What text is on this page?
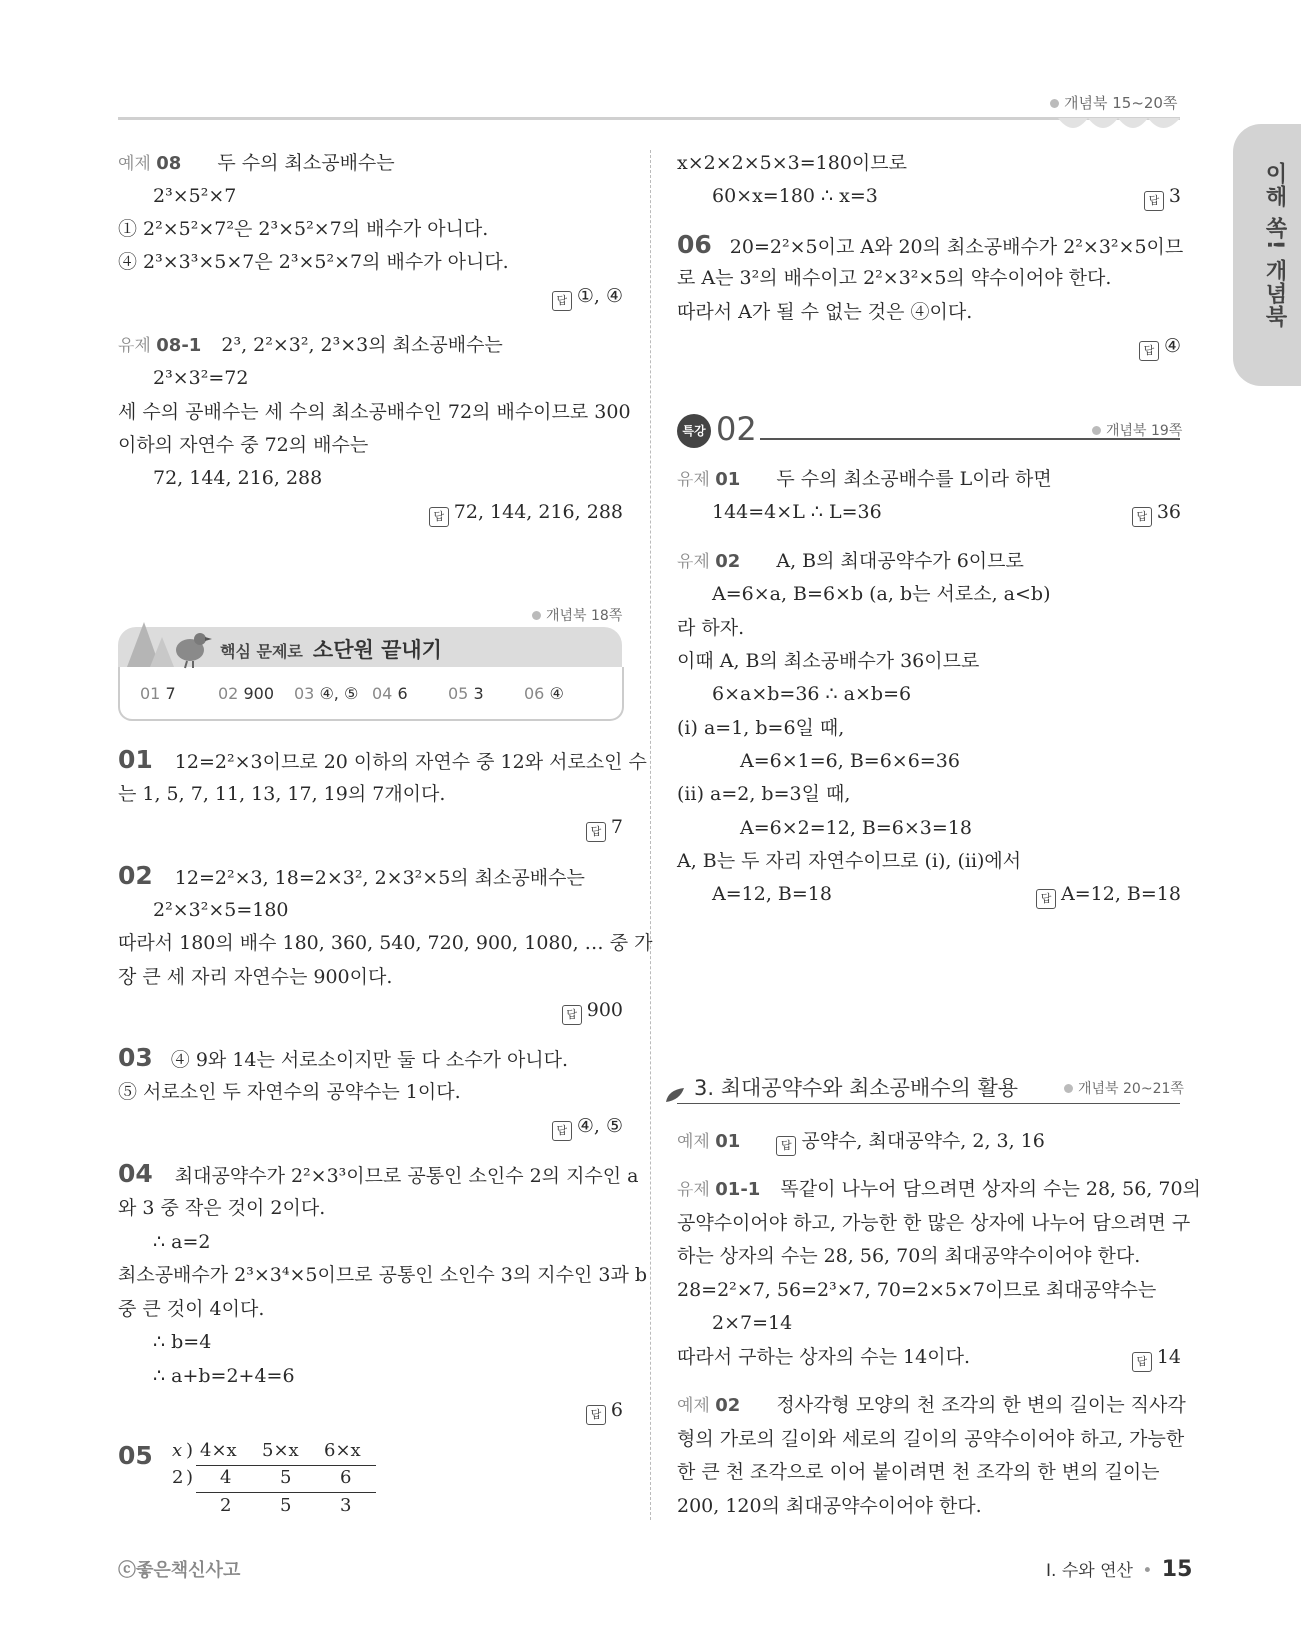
개념북 15~20쪽
이해 쏙! 개념북
예제 08 두 수의 최소공배수는
2³×5²×7
① 2²×5²×7²은 2³×5²×7의 배수가 아니다.
④ 2³×3³×5×7은 2³×5²×7의 배수가 아니다.
답 ①, ④
유제 08-1 2³, 2²×3², 2³×3의 최소공배수는
2³×3²=72
세 수의 공배수는 세 수의 최소공배수인 72의 배수이므로 300
이하의 자연수 중 72의 배수는
72, 144, 216, 288
답 72, 144, 216, 288
개념북 18쪽
핵심 문제로 소단원 끝내기
01 7	02 900 03 ④, ⑤ 04 6	05 3	06 ④
01 12=2²×3이므로 20 이하의 자연수 중 12와 서로소인 수
는 1, 5, 7, 11, 13, 17, 19의 7개이다.
답 7
02 12=2²×3, 18=2×3², 2×3²×5의 최소공배수는
2²×3²×5=180
따라서 180의 배수 180, 360, 540, 720, 900, 1080, … 중 가
장 큰 세 자리 자연수는 900이다.
답 900
03 ④ 9와 14는 서로소이지만 둘 다 소수가 아니다.
⑤ 서로소인 두 자연수의 공약수는 1이다.
답 ④, ⑤
04 최대공약수가 2²×3³이므로 공통인 소인수 2의 지수인 a
와 3 중 작은 것이 2이다.
∴ a=2
최소공배수가 2³×3⁴×5이므로 공통인 소인수 3의 지수인 3과 b
중 큰 것이 4이다.
∴ b=4
∴ a+b=2+4=6
답 6
05 x ) 4×x 5×x 6×x
2 ) 4	5	6
2	5	3
x×2×2×5×3=180이므로
60×x=180 ∴ x=3	답 3
06 20=2²×5이고 A와 20의 최소공배수가 2²×3²×5이므
로 A는 3²의 배수이고 2²×3²×5의 약수이어야 한다.
따라서 A가 될 수 없는 것은 ④이다.
답 ④
특강 02	개념북 19쪽
유제 01 두 수의 최소공배수를 L이라 하면
144=4×L ∴ L=36	답 36
유제 02 A, B의 최대공약수가 6이므로
A=6×a, B=6×b (a, b는 서로소, a<b)
라 하자.
이때 A, B의 최소공배수가 36이므로
6×a×b=36 ∴ a×b=6
(ⅰ) a=1, b=6일 때,
A=6×1=6, B=6×6=36
(ⅱ) a=2, b=3일 때,
A=6×2=12, B=6×3=18
A, B는 두 자리 자연수이므로 (ⅰ), (ⅱ)에서
A=12, B=18	답 A=12, B=18
3. 최대공약수와 최소공배수의 활용	개념북 20~21쪽
예제 01	답 공약수, 최대공약수, 2, 3, 16
유제 01-1 똑같이 나누어 담으려면 상자의 수는 28, 56, 70의
공약수이어야 하고, 가능한 한 많은 상자에 나누어 담으려면 구
하는 상자의 수는 28, 56, 70의 최대공약수이어야 한다.
28=2²×7, 56=2³×7, 70=2×5×7이므로 최대공약수는
2×7=14
따라서 구하는 상자의 수는 14이다.	답 14
예제 02 정사각형 모양의 천 조각의 한 변의 길이는 직사각
형의 가로의 길이와 세로의 길이의 공약수이어야 하고, 가능한
한 큰 천 조각으로 이어 붙이려면 천 조각의 한 변의 길이는
200, 120의 최대공약수이어야 한다.
ⓒ좋은책신사고	Ⅰ. 수와 연산 • 15
